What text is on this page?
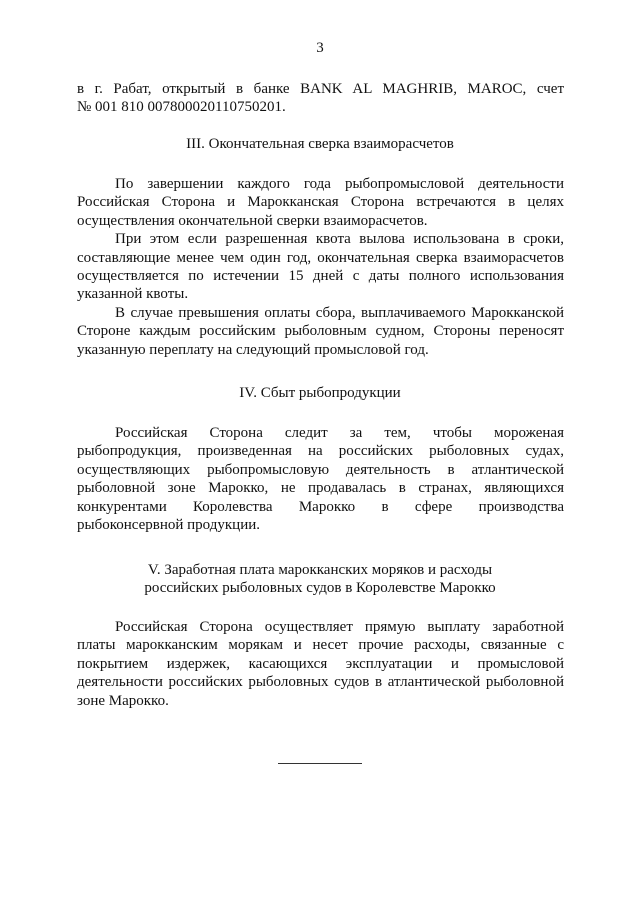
3
в г. Рабат, открытый в банке BANK AL MAGHRIB, MAROC, счет
№ 001 810 007800020110750201.
III. Окончательная сверка взаиморасчетов

По завершении каждого года рыбопромысловой деятельности Российская Сторона и Марокканская Сторона встречаются в целях осуществления окончательной сверки взаиморасчетов.

При этом если разрешенная квота вылова использована в сроки, составляющие менее чем один год, окончательная сверка взаиморасчетов осуществляется по истечении 15 дней с даты полного использования указанной квоты.

В случае превышения оплаты сбора, выплачиваемого Марокканской Стороне каждым российским рыболовным судном, Стороны переносят указанную переплату на следующий промысловой год.

IV. Сбыт рыбопродукции
Российская Сторона следит за тем, чтобы мороженая
рыбопродукция, произведенная на российских рыболовных судах,
осуществляющих рыбопромысловую деятельность в атлантической
рыболовной зоне Марокко, не продавалась в странах, являющихся
конкурентами Королевства Марокко в сфере производства
рыбоконсервной продукции.
V. Заработная плата марокканских моряков и расходы
российских рыболовных судов в Королевстве Марокко

Российская Сторона осуществляет прямую выплату заработной платы марокканским морякам и несет прочие расходы, связанные с покрытием издержек, касающихся эксплуатации и промысловой деятельности российских рыболовных судов в атлантической рыболовной зоне Марокко.
